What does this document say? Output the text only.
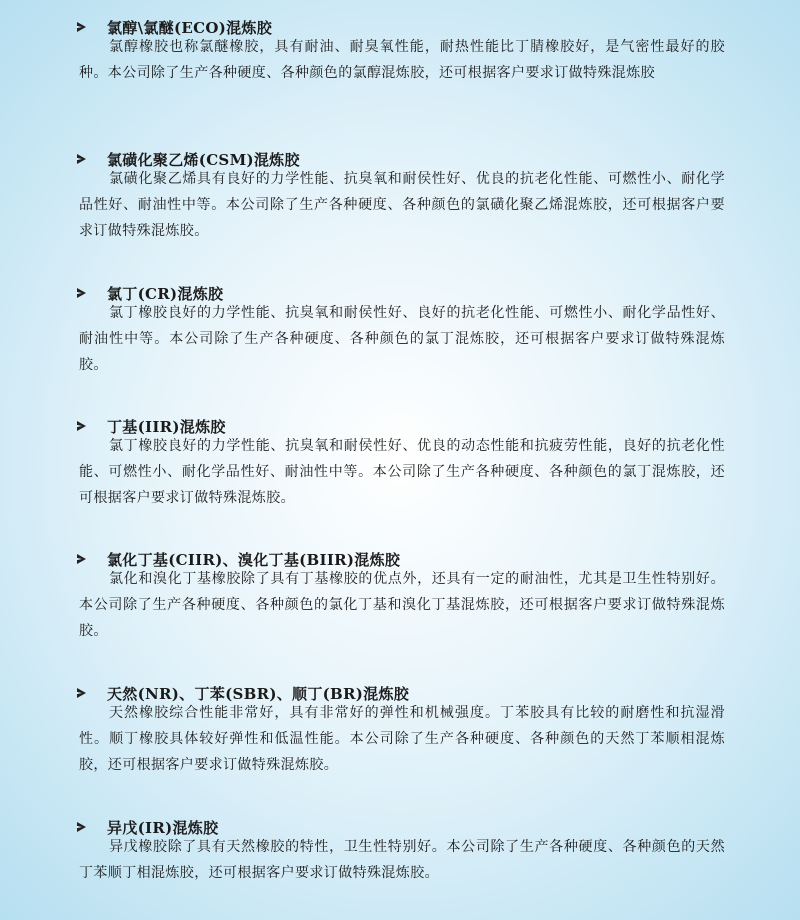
氯醇\氯醚(ECO)混炼胶
氯醇橡胶也称氯醚橡胶，具有耐油、耐臭氧性能，耐热性能比丁腈橡胶好，是气密性最好的胶种。本公司除了生产各种硬度、各种颜色的氯醇混炼胶，还可根据客户要求订做特殊混炼胶
氯磺化聚乙烯(CSM)混炼胶
氯磺化聚乙烯具有良好的力学性能、抗臭氧和耐侯性好、优良的抗老化性能、可燃性小、耐化学品性好、耐油性中等。本公司除了生产各种硬度、各种颜色的氯磺化聚乙烯混炼胶，还可根据客户要求订做特殊混炼胶。
氯丁(CR)混炼胶
氯丁橡胶良好的力学性能、抗臭氧和耐侯性好、良好的抗老化性能、可燃性小、耐化学品性好、耐油性中等。本公司除了生产各种硬度、各种颜色的氯丁混炼胶，还可根据客户要求订做特殊混炼胶。
丁基(IIR)混炼胶
氯丁橡胶良好的力学性能、抗臭氧和耐侯性好、优良的动态性能和抗疲劳性能，良好的抗老化性能、可燃性小、耐化学品性好、耐油性中等。本公司除了生产各种硬度、各种颜色的氯丁混炼胶，还可根据客户要求订做特殊混炼胶。
氯化丁基(CIIR)、溴化丁基(BIIR)混炼胶
氯化和溴化丁基橡胶除了具有丁基橡胶的优点外，还具有一定的耐油性，尤其是卫生性特别好。本公司除了生产各种硬度、各种颜色的氯化丁基和溴化丁基混炼胶，还可根据客户要求订做特殊混炼胶。
天然(NR)、丁苯(SBR)、顺丁(BR)混炼胶
天然橡胶综合性能非常好，具有非常好的弹性和机械强度。丁苯胶具有比较的耐磨性和抗湿滑性。顺丁橡胶具体较好弹性和低温性能。本公司除了生产各种硬度、各种颜色的天然丁苯顺相混炼胶，还可根据客户要求订做特殊混炼胶。
异戊(IR)混炼胶
异戊橡胶除了具有天然橡胶的特性，卫生性特别好。本公司除了生产各种硬度、各种颜色的天然丁苯顺丁相混炼胶，还可根据客户要求订做特殊混炼胶。
